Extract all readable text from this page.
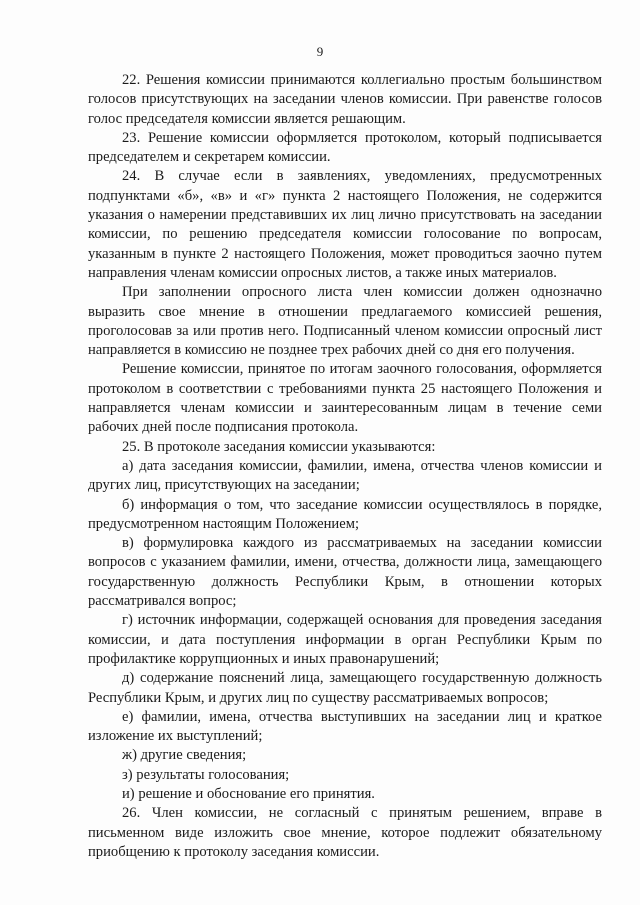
9

22. Решения комиссии принимаются коллегиально простым большинством голосов присутствующих на заседании членов комиссии. При равенстве голосов голос председателя комиссии является решающим.

23. Решение комиссии оформляется протоколом, который подписывается председателем и секретарем комиссии.

24. В случае если в заявлениях, уведомлениях, предусмотренных подпунктами «б», «в» и «г» пункта 2 настоящего Положения, не содержится указания о намерении представивших их лиц лично присутствовать на заседании комиссии, по решению председателя комиссии голосование по вопросам, указанным в пункте 2 настоящего Положения, может проводиться заочно путем направления членам комиссии опросных листов, а также иных материалов.

При заполнении опросного листа член комиссии должен однозначно выразить свое мнение в отношении предлагаемого комиссией решения, проголосовав за или против него. Подписанный членом комиссии опросный лист направляется в комиссию не позднее трех рабочих дней со дня его получения.

Решение комиссии, принятое по итогам заочного голосования, оформляется протоколом в соответствии с требованиями пункта 25 настоящего Положения и направляется членам комиссии и заинтересованным лицам в течение семи рабочих дней после подписания протокола.

25. В протоколе заседания комиссии указываются:

а) дата заседания комиссии, фамилии, имена, отчества членов комиссии и других лиц, присутствующих на заседании;

б) информация о том, что заседание комиссии осуществлялось в порядке, предусмотренном настоящим Положением;

в) формулировка каждого из рассматриваемых на заседании комиссии вопросов с указанием фамилии, имени, отчества, должности лица, замещающего государственную должность Республики Крым, в отношении которых рассматривался вопрос;

г) источник информации, содержащей основания для проведения заседания комиссии, и дата поступления информации в орган Республики Крым по профилактике коррупционных и иных правонарушений;

д) содержание пояснений лица, замещающего государственную должность Республики Крым, и других лиц по существу рассматриваемых вопросов;

е) фамилии, имена, отчества выступивших на заседании лиц и краткое изложение их выступлений;

ж) другие сведения;

з) результаты голосования;

и) решение и обоснование его принятия.

26. Член комиссии, не согласный с принятым решением, вправе в письменном виде изложить свое мнение, которое подлежит обязательному приобщению к протоколу заседания комиссии.
